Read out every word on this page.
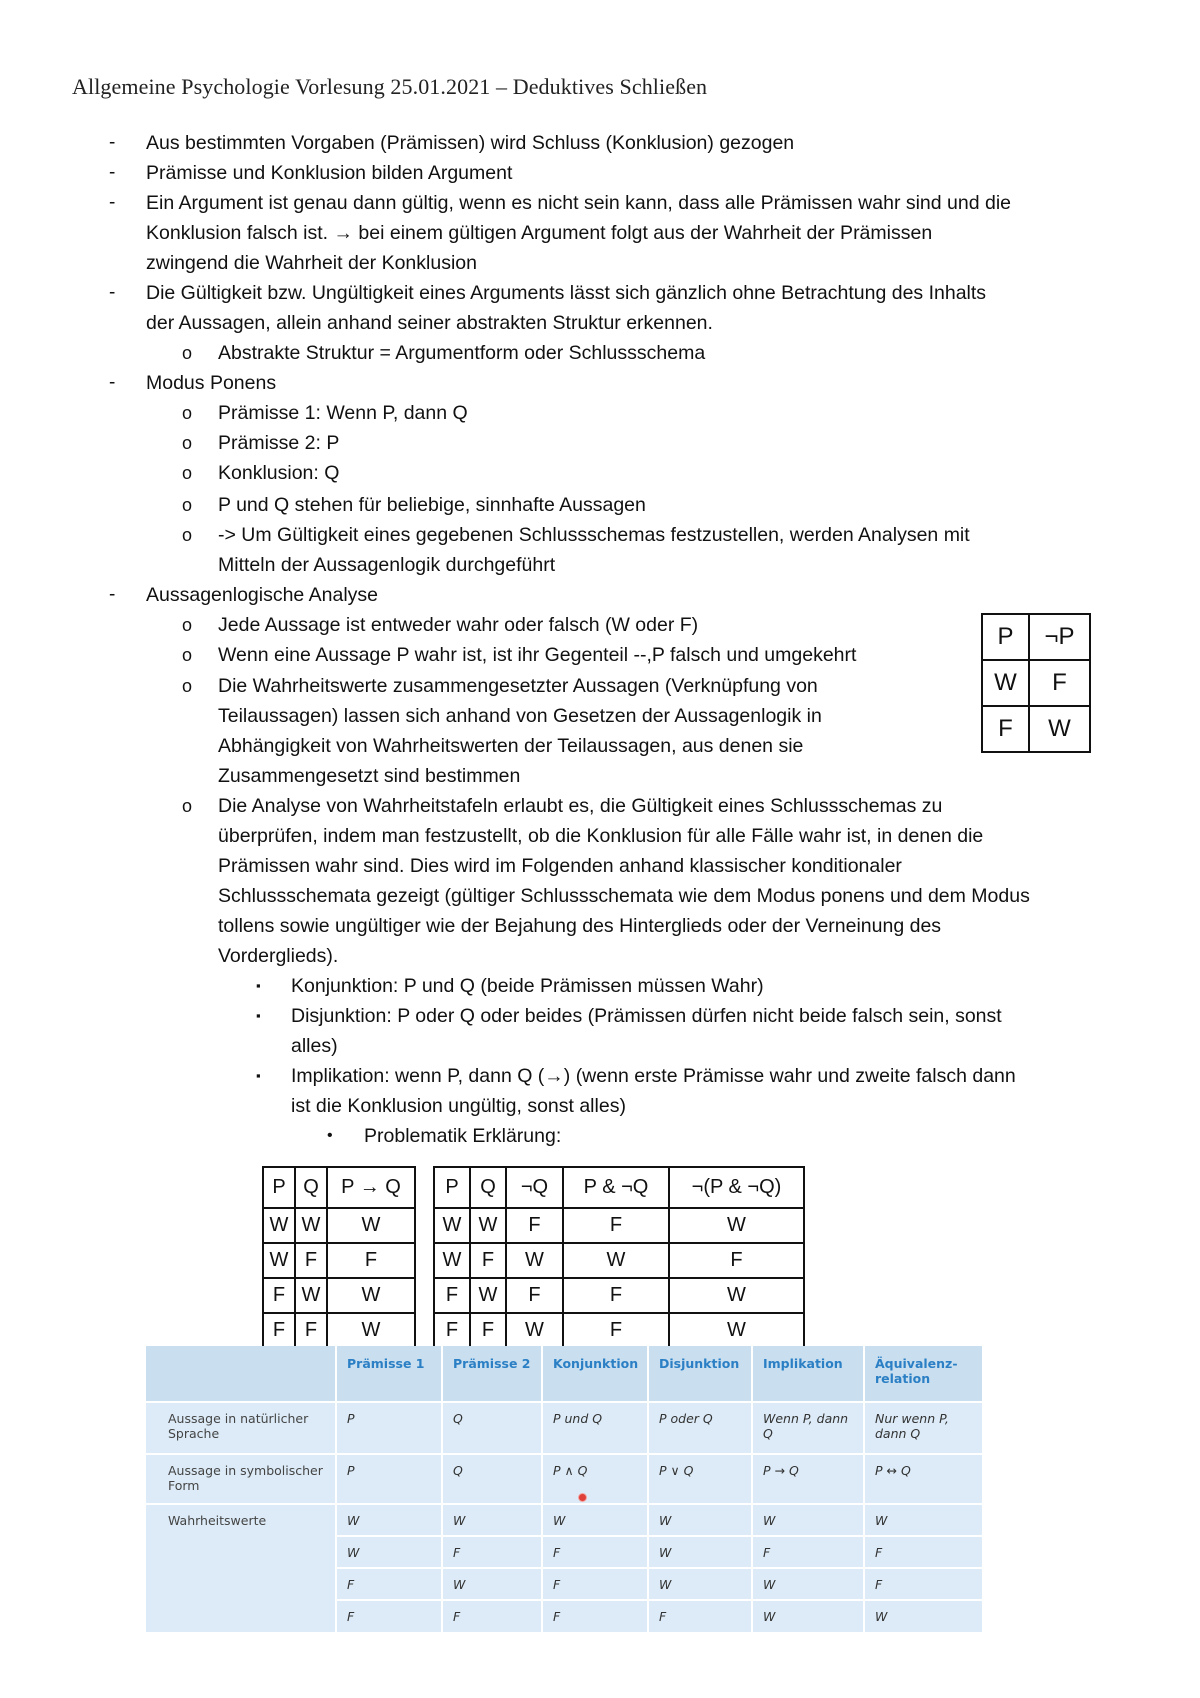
Allgemeine Psychologie Vorlesung 25.01.2021 – Deduktives Schließen
- Aus bestimmten Vorgaben (Prämissen) wird Schluss (Konklusion) gezogen
- Prämisse und Konklusion bilden Argument
- Ein Argument ist genau dann gültig, wenn es nicht sein kann, dass alle Prämissen wahr sind und die
Konklusion falsch ist. → bei einem gültigen Argument folgt aus der Wahrheit der Prämissen
zwingend die Wahrheit der Konklusion
- Die Gültigkeit bzw. Ungültigkeit eines Arguments lässt sich gänzlich ohne Betrachtung des Inhalts
der Aussagen, allein anhand seiner abstrakten Struktur erkennen.
o Abstrakte Struktur = Argumentform oder Schlussschema
- Modus Ponens
o Prämisse 1: Wenn P, dann Q
o Prämisse 2: P
o Konklusion: Q
o P und Q stehen für beliebige, sinnhafte Aussagen
o -> Um Gültigkeit eines gegebenen Schlussschemas festzustellen, werden Analysen mit
Mitteln der Aussagenlogik durchgeführt
- Aussagenlogische Analyse
o Jede Aussage ist entweder wahr oder falsch (W oder F)
o Wenn eine Aussage P wahr ist, ist ihr Gegenteil --,P falsch und umgekehrt
o Die Wahrheitswerte zusammengesetzter Aussagen (Verknüpfung von
Teilaussagen) lassen sich anhand von Gesetzen der Aussagenlogik in
Abhängigkeit von Wahrheitswerten der Teilaussagen, aus denen sie
Zusammengesetzt sind bestimmen
o Die Analyse von Wahrheitstafeln erlaubt es, die Gültigkeit eines Schlussschemas zu
überprüfen, indem man festzustellt, ob die Konklusion für alle Fälle wahr ist, in denen die
Prämissen wahr sind. Dies wird im Folgenden anhand klassischer konditionaler
Schlussschemata gezeigt (gültiger Schlussschemata wie dem Modus ponens und dem Modus
tollens sowie ungültiger wie der Bejahung des Hinterglieds oder der Verneinung des
Vorderglieds).
▪ Konjunktion: P und Q (beide Prämissen müssen Wahr)
▪ Disjunktion: P oder Q oder beides (Prämissen dürfen nicht beide falsch sein, sonst
alles)
▪ Implikation: wenn P, dann Q (→) (wenn erste Prämisse wahr und zweite falsch dann
ist die Konklusion ungültig, sonst alles)
• Problematik Erklärung:
P	¬P
W	F
F	W
P	Q	P → Q
W	W	W
W	F	F
F	W	W
F	F	W
P	Q	¬Q	P & ¬Q	¬(P & ¬Q)
W	W	F	F	W
W	F	W	W	F
F	W	F	F	W
F	F	W	F	W
	Prämisse 1	Prämisse 2	Konjunktion	Disjunktion	Implikation	Äquivalenz-
relation
Aussage in natürlicher Sprache	P	Q	P und Q	P oder Q	Wenn P, dann Q	Nur wenn P, dann Q
Aussage in symbolischer Form	P	Q	P ∧ Q	P ∨ Q	P → Q	P ↔ Q
Wahrheitswerte	W	W	W	W	W	W
	W	F	F	W	F	F
	F	W	F	W	W	F
	F	F	F	F	W	W
